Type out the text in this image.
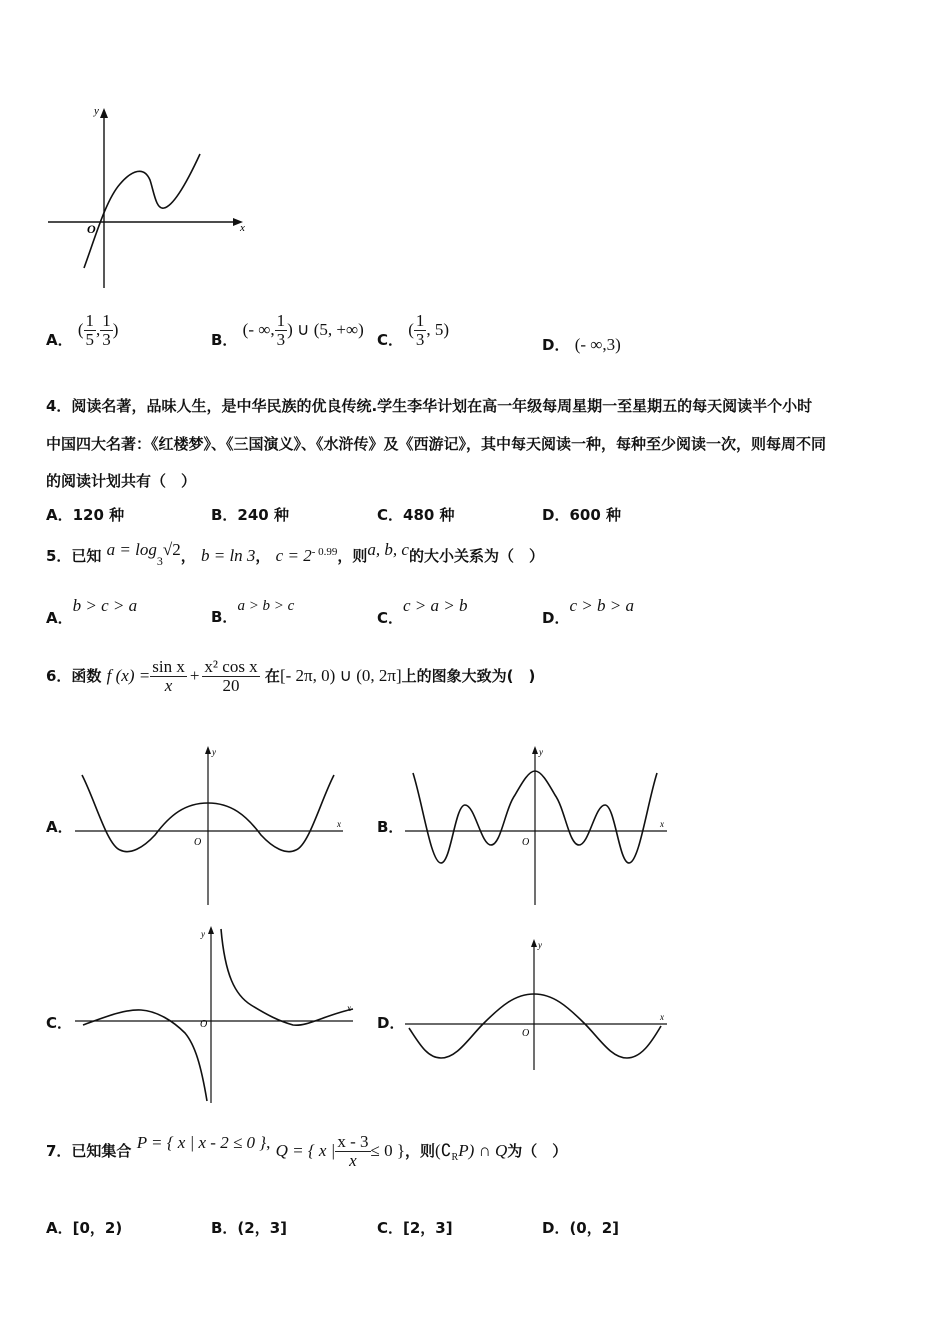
y
x
O
A． ( $\frac{1}{5}$ , $\frac{1}{3}$ )
B． (- ∞, $\frac{1}{3}$ ) ∪ (5, +∞)
C． ( $\frac{1}{3}$ , 5)
D． (- ∞,3)
4．阅读名著，品味人生，是中华民族的优良传统.学生李华计划在高一年级每周星期一至星期五的每天阅读半个小时
中国四大名著：《红楼梦》、《三国演义》、《水浒传》及《西游记》，其中每天阅读一种，每种至少阅读一次，则每周不同
的阅读计划共有（　）
A．120 种	B．240 种	C．480 种	D．600 种
5．已知 $a = \log_3√2$， b = ln 3， $c = 2^{- 0.99}$，则a, b, c的大小关系为（　）
A．b > c > a
B．a > b > c
C．c > a > b
D．c > b > a
6．函数 f $(x) = \frac{\text{sin x}}{x} + \frac{\text{x² cos x}}{20}$ 在[- 2π, 0) ∪ (0, 2π]上的图象大致为(　)
A．
y
x
O
B．
y
x
O
C．
y
x
O	D．
y
x
O
7．已知集合 P = { x | x - 2 ≤ 0 }, Q = { x | $\frac{x - 3}{x} \le 0$ }，则$(∁_RP)$ ∩ Q为（　）
A．[0，2)	B．(2，3]	C．[2，3]	D．(0，2]
